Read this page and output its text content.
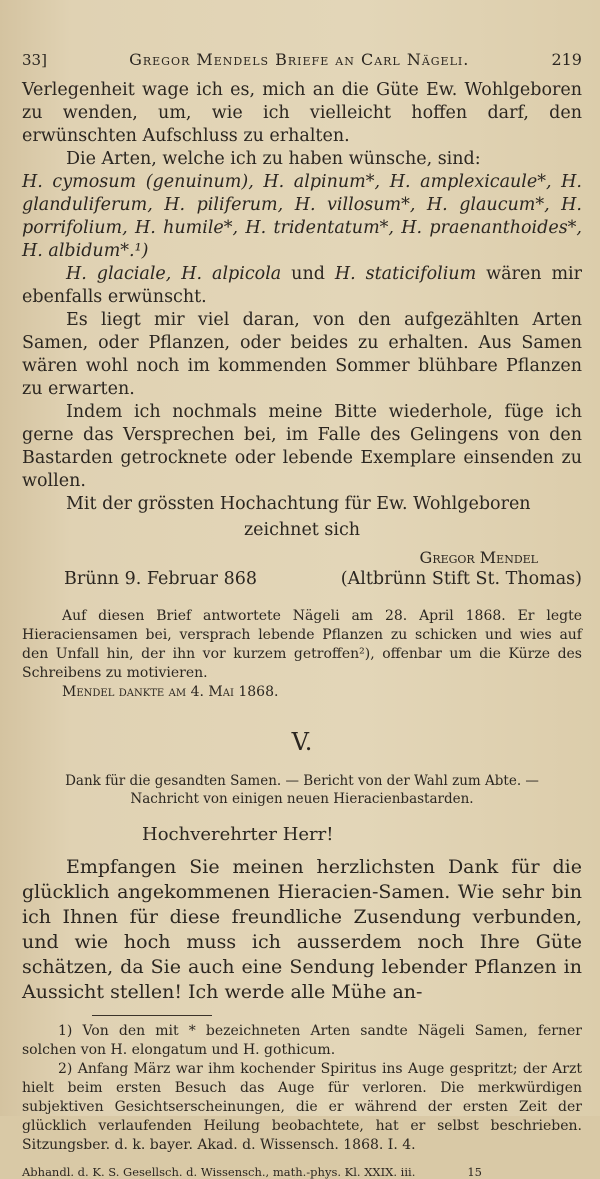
33]	Gregor Mendels Briefe an Carl Nägeli.	219

Verlegenheit wage ich es, mich an die Güte Ew. Wohlgeboren zu wenden, um, wie ich vielleicht hoffen darf, den erwünschten Aufschluss zu erhalten.

Die Arten, welche ich zu haben wünsche, sind:

H. cymosum (genuinum), H. alpinum*, H. amplexicaule*, H. glanduliferum, H. piliferum, H. villosum*, H. glaucum*, H. porrifolium, H. humile*, H. tridentatum*, H. praenanthoides*, H. albidum*.¹)

H. glaciale, H. alpicola und H. staticifolium wären mir ebenfalls erwünscht.

Es liegt mir viel daran, von den aufgezählten Arten Samen, oder Pflanzen, oder beides zu erhalten. Aus Samen wären wohl noch im kommenden Sommer blühbare Pflanzen zu erwarten.

Indem ich nochmals meine Bitte wiederhole, füge ich gerne das Versprechen bei, im Falle des Gelingens von den Bastarden getrocknete oder lebende Exemplare einsenden zu wollen.

Mit der grössten Hochachtung für Ew. Wohlgeboren

zeichnet sich
Gregor Mendel
Brünn 9. Februar 868	(Altbrünn Stift St. Thomas)

Auf diesen Brief antwortete Nägeli am 28. April 1868. Er legte Hieraciensamen bei, versprach lebende Pflanzen zu schicken und wies auf den Unfall hin, der ihn vor kurzem getroffen²), offenbar um die Kürze des Schreibens zu motivieren.

Mendel dankte am 4. Mai 1868.

V.
Dank für die gesandten Samen. — Bericht von der Wahl zum Abte. — Nachricht von einigen neuen Hieracienbastarden.
Hochverehrter Herr!

Empfangen Sie meinen herzlichsten Dank für die glücklich angekommenen Hieracien-Samen. Wie sehr bin ich Ihnen für diese freundliche Zusendung verbunden, und wie hoch muss ich ausserdem noch Ihre Güte schätzen, da Sie auch eine Sendung lebender Pflanzen in Aussicht stellen! Ich werde alle Mühe an-

1) Von den mit * bezeichneten Arten sandte Nägeli Samen, ferner solchen von H. elongatum und H. gothicum.

2) Anfang März war ihm kochender Spiritus ins Auge gespritzt; der Arzt hielt beim ersten Besuch das Auge für verloren. Die merkwürdigen subjektiven Gesichtserscheinungen, die er während der ersten Zeit der glücklich verlaufenden Heilung beobachtete, hat er selbst beschrieben. Sitzungsber. d. k. bayer. Akad. d. Wissensch. 1868. I. 4.

Abhandl. d. K. S. Gesellsch. d. Wissensch., math.-phys. Kl. XXIX. iii.	15
